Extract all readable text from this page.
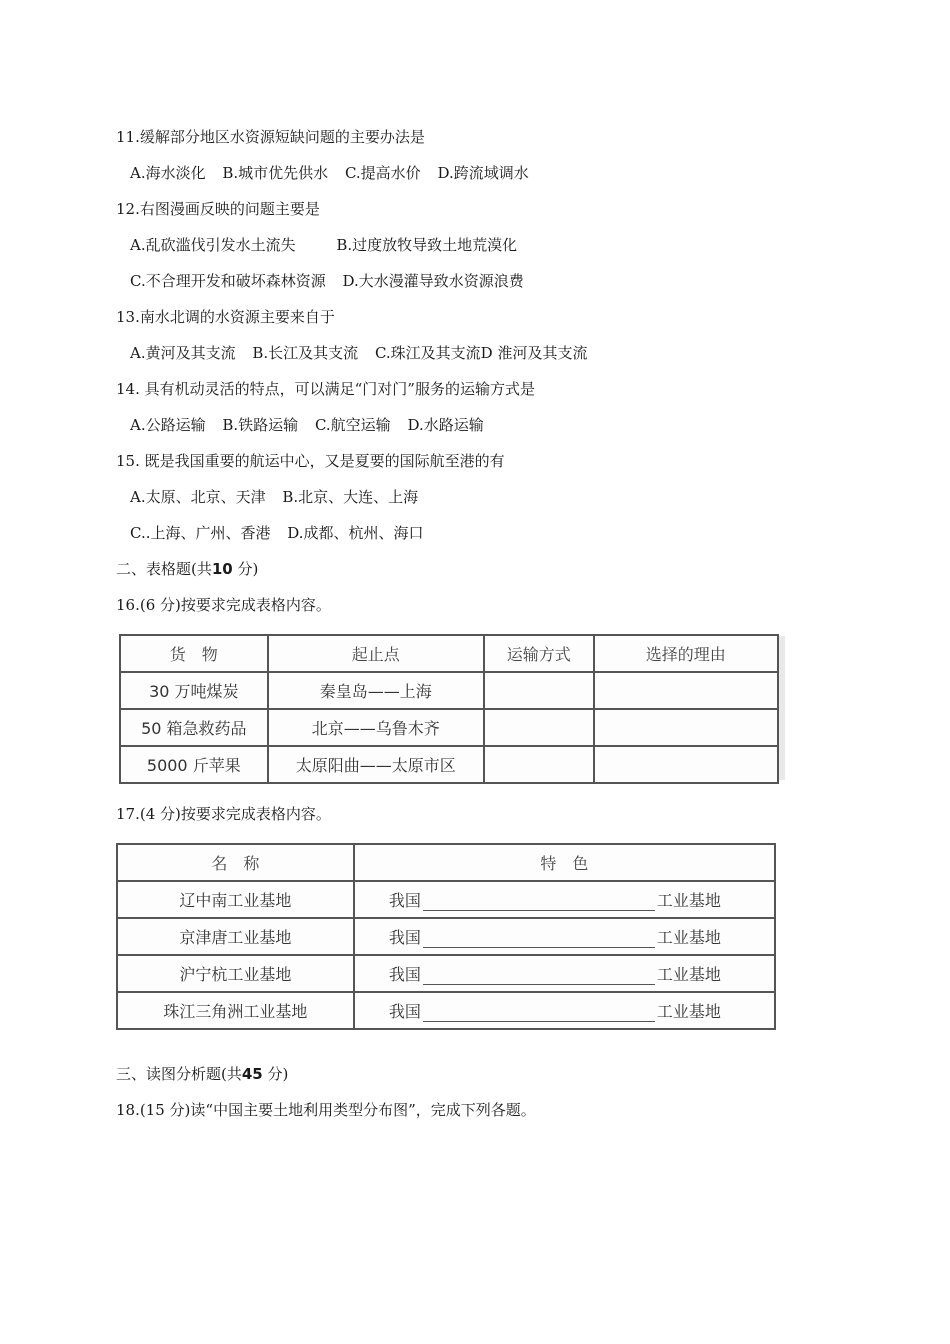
11.缓解部分地区水资源短缺问题的主要办法是
A.海水淡化 B.城市优先供水 C.提高水价 D.跨流域调水
12.右图漫画反映的问题主要是
A.乱砍滥伐引发水土流失	B.过度放牧导致土地荒漠化
C.不合理开发和破坏森林资源 D.大水漫灌导致水资源浪费
13.南水北调的水资源主要来自于
A.黄河及其支流 B.长江及其支流 C.珠江及其支流D 淮河及其支流
14. 具有机动灵活的特点，可以满足“门对门”服务的运输方式是
A.公路运输 B.铁路运输 C.航空运输 D.水路运输
15. 既是我国重要的航运中心，又是夏要的国际航至港的有
A.太原、北京、天津 B.北京、大连、上海
C..上海、广州、香港 D.成都、杭州、海口
二、表格题(共10 分)
16.(6 分)按要求完成表格内容。
货　物	起止点	运输方式	选择的理由
30 万吨煤炭	秦皇岛——上海		
50 箱急救药品	北京——乌鲁木齐		
5000 斤苹果	太原阳曲——太原市区		
17.(4 分)按要求完成表格内容。
名　称	特　色
辽中南工业基地	我国 工业基地
京津唐工业基地	我国 工业基地
沪宁杭工业基地	我国 工业基地
珠江三角洲工业基地	我国 工业基地
三、读图分析题(共45 分)
18.(15 分)读“中国主要土地利用类型分布图”，完成下列各题。
